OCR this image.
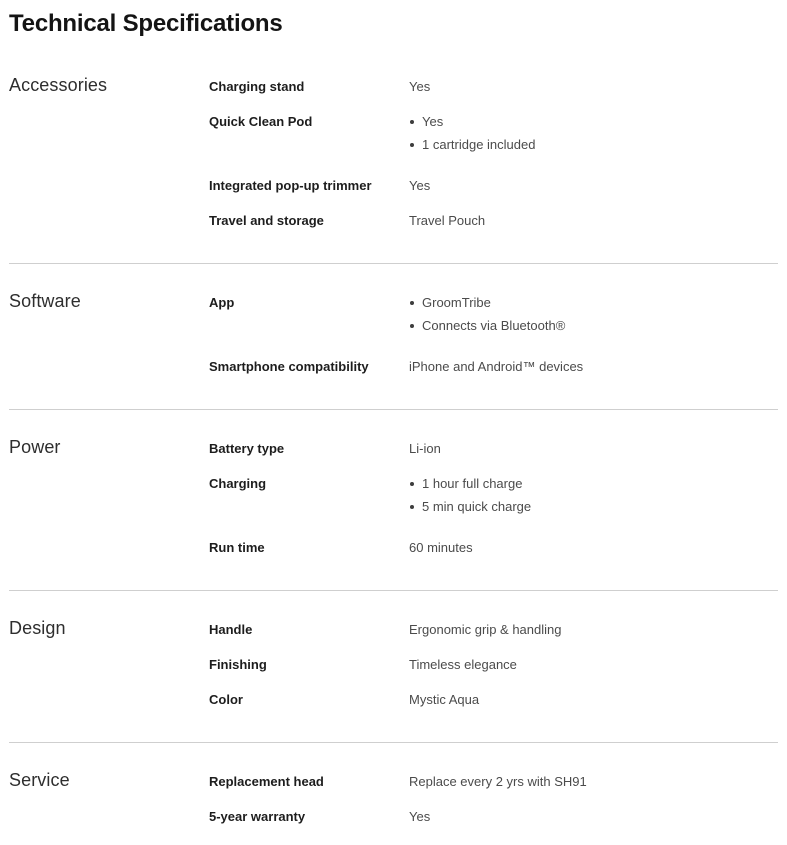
Technical Specifications
Accessories	Charging stand	Yes
Quick Clean Pod	Yes
1 cartridge included
Integrated pop-up trimmer	Yes
Travel and storage	Travel Pouch
Software	App	GroomTribe
Connects via Bluetooth®
Smartphone compatibility	iPhone and Android™ devices
Power	Battery type	Li-ion
Charging	1 hour full charge
5 min quick charge
Run time	60 minutes
Design	Handle	Ergonomic grip & handling
Finishing	Timeless elegance
Color	Mystic Aqua
Service	Replacement head	Replace every 2 yrs with SH91
5-year warranty	Yes
